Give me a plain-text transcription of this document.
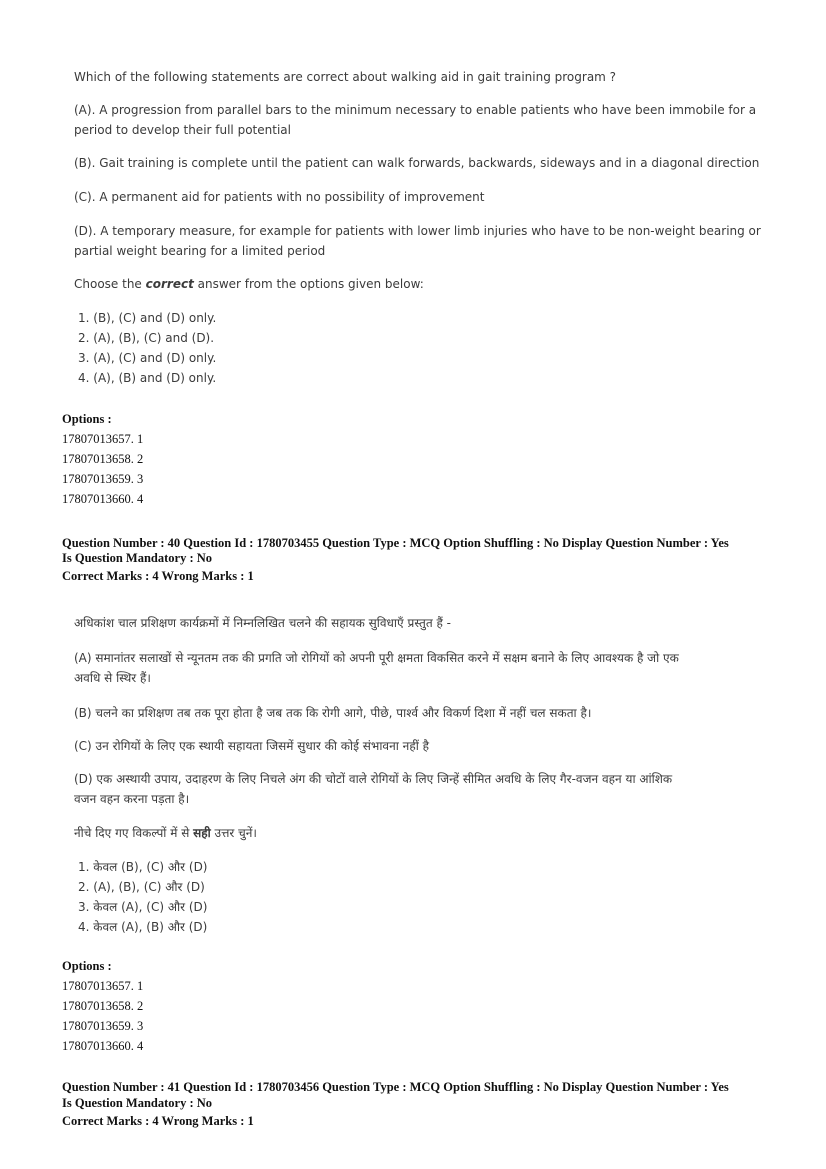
Which of the following statements are correct about walking aid in gait training program ?
(A). A progression from parallel bars to the minimum necessary to enable patients who have been immobile for a
period to develop their full potential
(B). Gait training is complete until the patient can walk forwards, backwards, sideways and in a diagonal direction
(C). A permanent aid for patients with no possibility of improvement
(D). A temporary measure, for example for patients with lower limb injuries who have to be non-weight bearing or
partial weight bearing for a limited period
Choose the correct answer from the options given below:
1. (B), (C) and (D) only.
2. (A), (B), (C) and (D).
3. (A), (C) and (D) only.
4. (A), (B) and (D) only.
Options :
17807013657. 1
17807013658. 2
17807013659. 3
17807013660. 4
Question Number : 40 Question Id : 1780703455 Question Type : MCQ Option Shuffling : No Display Question Number : Yes
Is Question Mandatory : No
Correct Marks : 4 Wrong Marks : 1
अधिकांश चाल प्रशिक्षण कार्यक्रमों में निम्नलिखित चलने की सहायक सुविधाएँ प्रस्तुत हैं -
(A) समानांतर सलाखों से न्यूनतम तक की प्रगति जो रोगियों को अपनी पूरी क्षमता विकसित करने में सक्षम बनाने के लिए आवश्यक है जो एक
अवधि से स्थिर हैं।
(B) चलने का प्रशिक्षण तब तक पूरा होता है जब तक कि रोगी आगे, पीछे, पार्श्व और विकर्ण दिशा में नहीं चल सकता है।
(C) उन रोगियों के लिए एक स्थायी सहायता जिसमें सुधार की कोई संभावना नहीं है
(D) एक अस्थायी उपाय, उदाहरण के लिए निचले अंग की चोटों वाले रोगियों के लिए जिन्हें सीमित अवधि के लिए गैर-वजन वहन या आंशिक
वजन वहन करना पड़ता है।
नीचे दिए गए विकल्पों में से सही उत्तर चुनें।
1. केवल (B), (C) और (D)
2. (A), (B), (C) और (D)
3. केवल (A), (C) और (D)
4. केवल (A), (B) और (D)
Options :
17807013657. 1
17807013658. 2
17807013659. 3
17807013660. 4
Question Number : 41 Question Id : 1780703456 Question Type : MCQ Option Shuffling : No Display Question Number : Yes
Is Question Mandatory : No
Correct Marks : 4 Wrong Marks : 1
